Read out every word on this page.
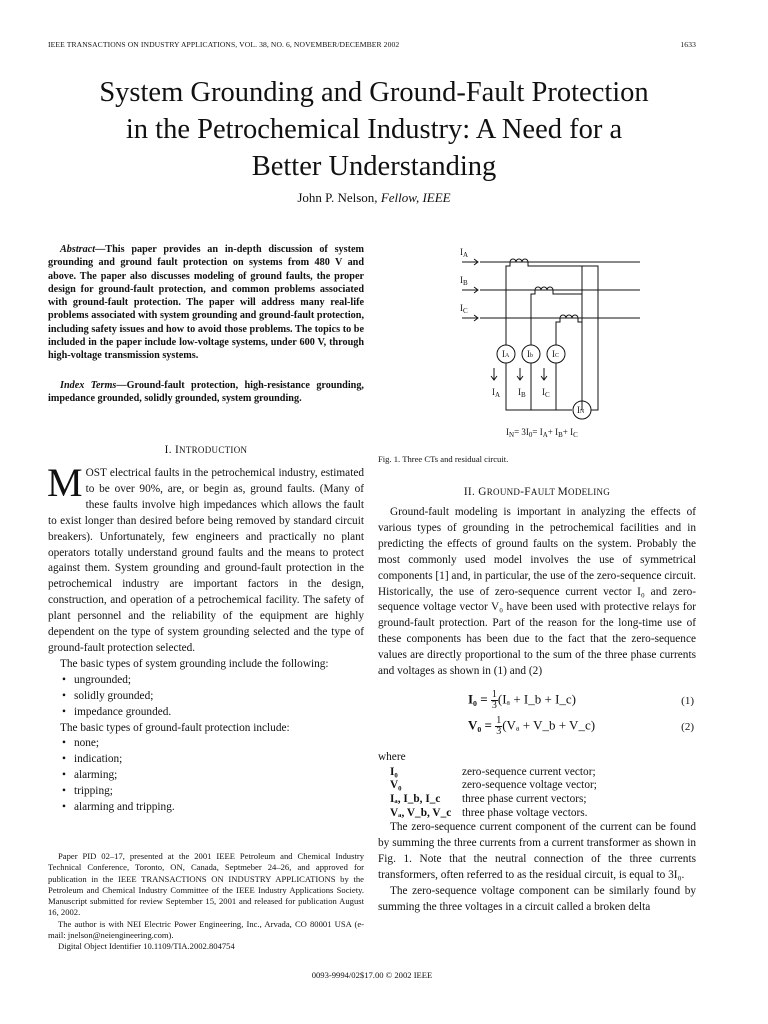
IEEE TRANSACTIONS ON INDUSTRY APPLICATIONS, VOL. 38, NO. 6, NOVEMBER/DECEMBER 2002	1633
System Grounding and Ground-Fault Protection
in the Petrochemical Industry: A Need for a
Better Understanding
John P. Nelson, Fellow, IEEE

Abstract—This paper provides an in-depth discussion of system grounding and ground fault protection on systems from 480 V and above. The paper also discusses modeling of ground faults, the proper design for ground-fault protection, and common problems associated with ground-fault protection. The paper will address many real-life problems associated with system grounding and ground-fault protection, including safety issues and how to avoid those problems. The topics to be included in the paper include low-voltage systems, under 600 V, through high-voltage transmission systems.

Index Terms—Ground-fault protection, high-resistance grounding, impedance grounded, solidly grounded, system grounding.
I. INTRODUCTION

MOST electrical faults in the petrochemical industry, estimated to be over 90%, are, or begin as, ground faults. (Many of these faults involve high impedances which allows the fault to exist longer than desired before being removed by standard circuit breakers). Unfortunately, few engineers and practically no plant operators totally understand ground faults and the means to protect against them. System grounding and ground-fault protection in the petrochemical industry are important factors in the design, construction, and operation of a petrochemical facility. The safety of plant personnel and the reliability of the equipment are highly dependent on the type of system grounding selected and the type of ground-fault protection selected.

The basic types of system grounding include the following:

• ungrounded;
• solidly grounded;
• impedance grounded.

The basic types of ground-fault protection include:

• none;
• indication;
• alarming;
• tripping;
• alarming and tripping.

Paper PID 02–17, presented at the 2001 IEEE Petroleum and Chemical Industry Technical Conference, Toronto, ON, Canada, Septmeber 24–26, and approved for publication in the IEEE TRANSACTIONS ON INDUSTRY APPLICATIONS by the Petroleum and Chemical Industry Committee of the IEEE Industry Applications Society. Manuscript submitted for review September 15, 2001 and released for publication August 16, 2002.

The author is with NEI Electric Power Engineering, Inc., Arvada, CO 80001 USA (e-mail: jnelson@neiengineering.com).

Digital Object Identifier 10.1109/TIA.2002.804754

$I_A$
$I_B$
$I_C$
IA Ib IC
IN
$I_A$ $I_B$ $I_C$
$I_N= 3I_0= I_A+ I_B+ I_C$
Fig. 1. Three CTs and residual circuit.
II. GROUND-FAULT MODELING

Ground-fault modeling is important in analyzing the effects of various types of grounding in the petrochemical facilities and in predicting the effects of ground faults on the system. Probably the most commonly used model involves the use of symmetrical components [1] and, in particular, the use of the zero-sequence circuit. Historically, the use of zero-sequence current vector I₀ and zero-sequence voltage vector V₀ have been used with protective relays for ground-fault protection. Part of the reason for the long-time use of these components has been due to the fact that the zero-sequence values are directly proportional to the sum of the three phase currents and voltages as shown in (1) and (2)

$I_0 = \frac{1}{3} (I_a$ + I_b + I_c)	(1)
$V_0 = \frac{1}{3} (V_a$ + V_b + V_c)	(2)

where

I₀	zero-sequence current vector;
V₀	zero-sequence voltage vector;
Iₐ, I_b, I_c	three phase current vectors;
Vₐ, V_b, V_c	three phase voltage vectors.

The zero-sequence current component of the current can be found by summing the three currents from a current transformer as shown in Fig. 1. Note that the neutral connection of the three currents transformers, often referred to as the residual circuit, is equal to 3I₀.

The zero-sequence voltage component can be similarly found by summing the three voltages in a circuit called a broken delta

0093-9994/02$17.00 © 2002 IEEE
